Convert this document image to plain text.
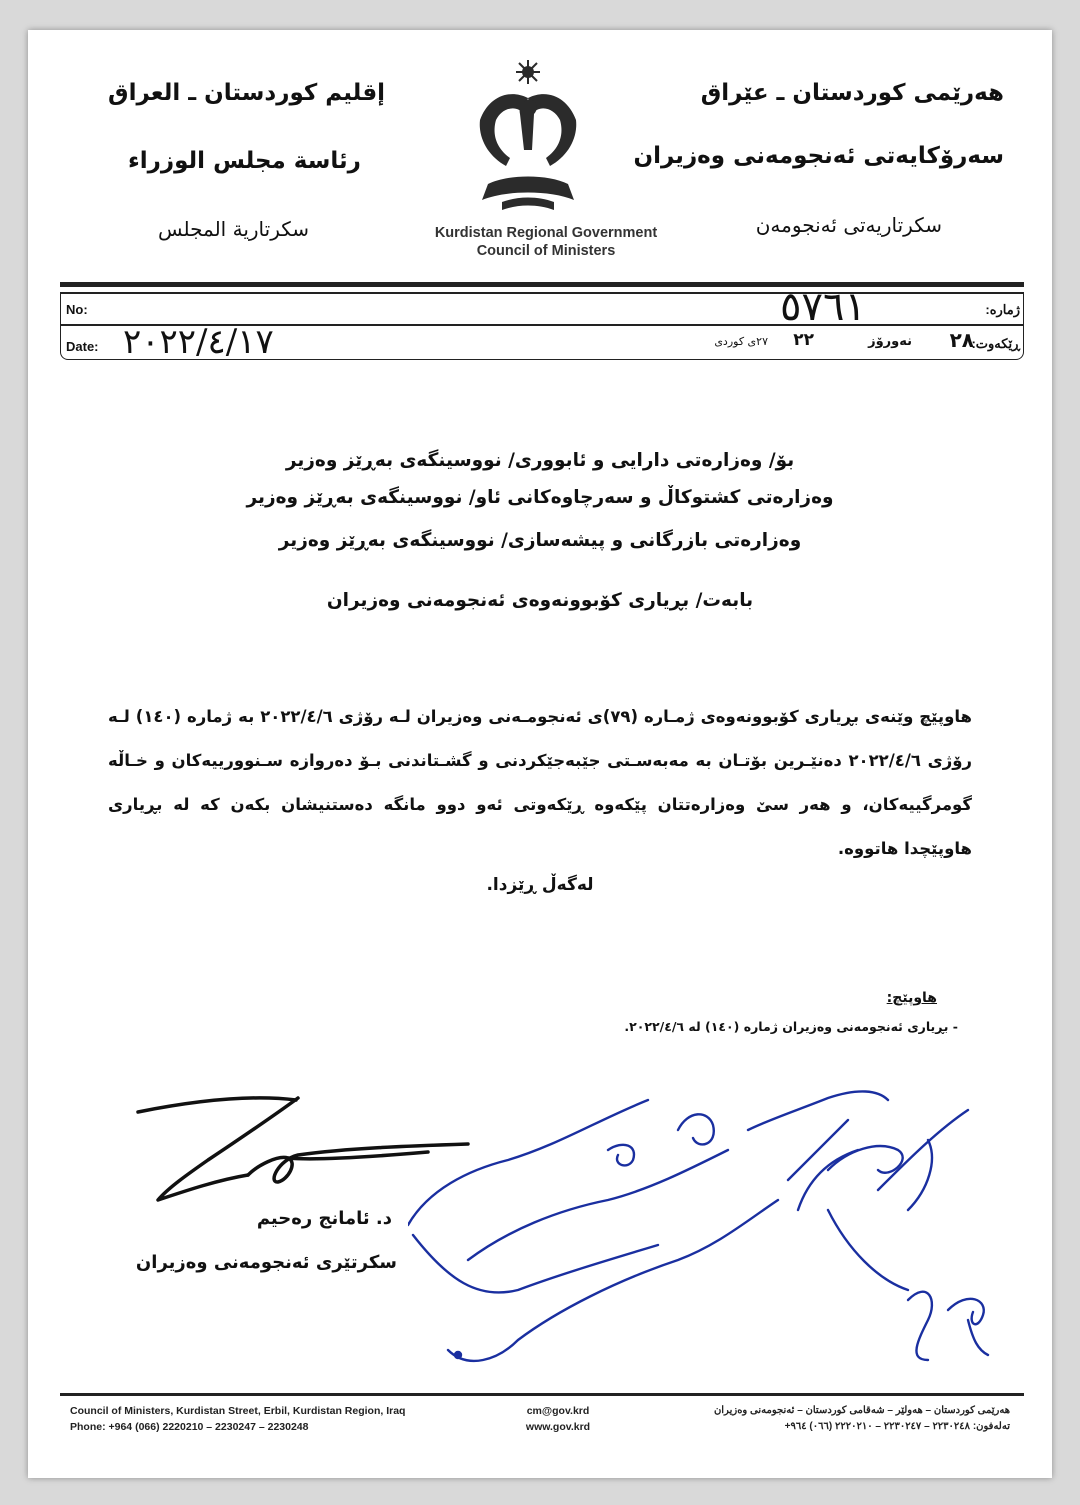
هەرێمی کوردستان ـ عێراق
سەرۆکایەتی ئەنجومەنی وەزیران
سکرتاریەتی ئەنجومەن
إقليم كوردستان ـ العراق
رئاسة مجلس الوزراء
سكرتارية المجلس	Kurdistan Regional Government
Council of Ministers
No:
Date:
ژمارە:
ڕێکەوت:
٥٧٦١
٢٠٢٢/٤/١٧	٢٨
نەورۆز
٢٢
٢٧ی کوردی
بۆ/ وەزارەتی دارایی و ئابووری/ نووسینگەی بەڕێز وەزیر
وەزارەتی کشتوکاڵ و سەرچاوەکانی ئاو/ نووسینگەی بەڕێز وەزیر
وەزارەتی بازرگانی و پیشەسازی/ نووسینگەی بەڕێز وەزیر
بابەت/ بڕیاری کۆبوونەوەی ئەنجومەنی وەزیران
هاوپێچ وێنەی بڕیاری کۆبوونەوەی ژمـارە (٧٩)ی ئەنجومـەنی وەزیران لـە رۆژی ٢٠٢٢/٤/٦ بە ژمارە (١٤٠) لـە رۆژی ٢٠٢٢/٤/٦ دەنێـرین بۆتـان بە مەبەسـتی جێبەجێکردنی و گشـتاندنی بـۆ دەروازە سـنوورییەکان و خـاڵە گومرگییەکان، و هەر سێ وەزارەتتان پێکەوە ڕێکەوتی ئەو دوو مانگە دەستنیشان بکەن کە لە بڕیاری هاوپێچدا هاتووە.
لەگەڵ ڕێزدا.
هاوپێچ:
- بڕیاری ئەنجومەنی وەزیران ژمارە (١٤٠) لە ٢٠٢٢/٤/٦.
د. ئامانج رەحیم
سکرتێری ئەنجومەنی وەزیران
Council of Ministers, Kurdistan Street, Erbil, Kurdistan Region, Iraq
Phone: +964 (066) 2220210 – 2230247 – 2230248
cm@gov.krd
www.gov.krd
هەرێمی کوردستان – هەولێر – شەقامی کوردستان – ئەنجومەنی وەزیران
تەلەفون: ٢٢٣٠٢٤٨ – ٢٢٣٠٢٤٧ – ٢٢٢٠٢١٠ (٠٦٦) ٩٦٤+
